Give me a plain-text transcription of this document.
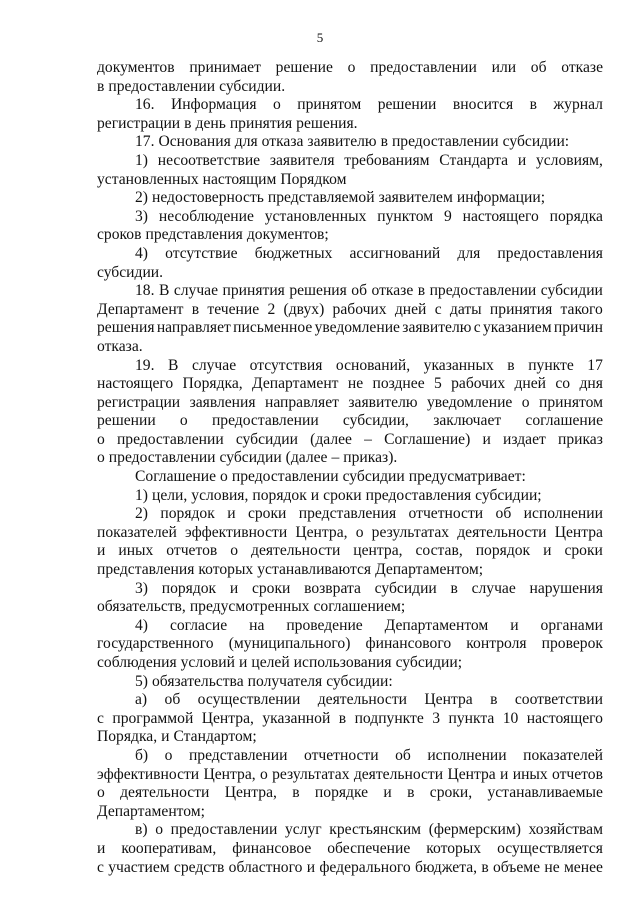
5
документов принимает решение о предоставлении или об отказе
в предоставлении субсидии.
16. Информация о принятом решении вносится в журнал
регистрации в день принятия решения.
17. Основания для отказа заявителю в предоставлении субсидии:
1) несоответствие заявителя требованиям Стандарта и условиям,
установленных настоящим Порядком
2) недостоверность представляемой заявителем информации;
3) несоблюдение установленных пунктом 9 настоящего порядка
сроков представления документов;
4) отсутствие бюджетных ассигнований для предоставления
субсидии.
18. В случае принятия решения об отказе в предоставлении субсидии
Департамент в течение 2 (двух) рабочих дней с даты принятия такого
решения направляет письменное уведомление заявителю с указанием причин
отказа.
19. В случае отсутствия оснований, указанных в пункте 17
настоящего Порядка, Департамент не позднее 5 рабочих дней со дня
регистрации заявления направляет заявителю уведомление о принятом
решении о предоставлении субсидии, заключает соглашение
о предоставлении субсидии (далее – Соглашение) и издает приказ
о предоставлении субсидии (далее – приказ).
Соглашение о предоставлении субсидии предусматривает:
1) цели, условия, порядок и сроки предоставления субсидии;
2) порядок и сроки представления отчетности об исполнении
показателей эффективности Центра, о результатах деятельности Центра
и иных отчетов о деятельности центра, состав, порядок и сроки
представления которых устанавливаются Департаментом;
3) порядок и сроки возврата субсидии в случае нарушения
обязательств, предусмотренных соглашением;
4) согласие на проведение Департаментом и органами
государственного (муниципального) финансового контроля проверок
соблюдения условий и целей использования субсидии;
5) обязательства получателя субсидии:
а) об осуществлении деятельности Центра в соответствии
с программой Центра, указанной в подпункте 3 пункта 10 настоящего
Порядка, и Стандартом;
б) о представлении отчетности об исполнении показателей
эффективности Центра, о результатах деятельности Центра и иных отчетов
о деятельности Центра, в порядке и в сроки, устанавливаемые
Департаментом;
в) о предоставлении услуг крестьянским (фермерским) хозяйствам
и кооперативам, финансовое обеспечение которых осуществляется
с участием средств областного и федерального бюджета, в объеме не менее
